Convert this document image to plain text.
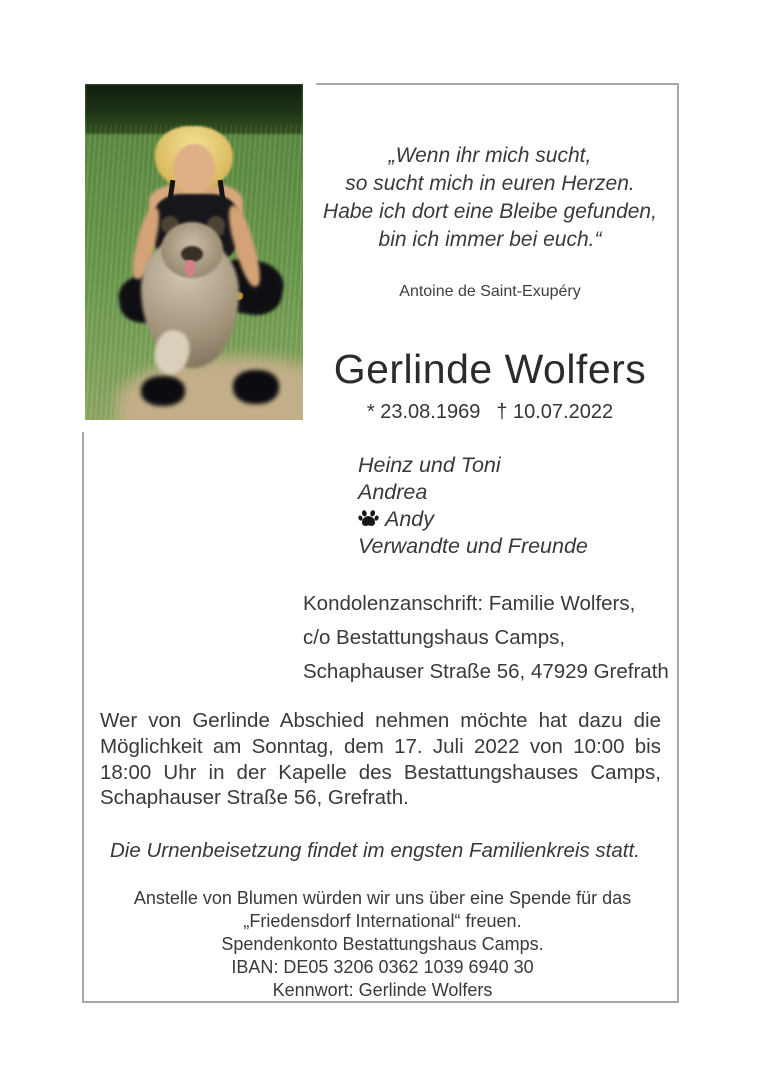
„Wenn ihr mich sucht,
so sucht mich in euren Herzen.
Habe ich dort eine Bleibe gefunden,
bin ich immer bei euch.“
Antoine de Saint-Exupéry
Gerlinde Wolfers
* 23.08.1969 † 10.07.2022
Heinz und Toni
Andrea
Andy
Verwandte und Freunde
Kondolenzanschrift: Familie Wolfers,
c/o Bestattungshaus Camps,
Schaphauser Straße 56, 47929 Grefrath
Wer von Gerlinde Abschied nehmen möchte hat dazu die Möglichkeit am Sonntag, dem 17. Juli 2022 von 10:00 bis 18:00 Uhr in der Kapelle des Bestattungshauses Camps, Schaphauser Straße 56, Grefrath.
Die Urnenbeisetzung findet im engsten Familienkreis statt.
Anstelle von Blumen würden wir uns über eine Spende für das
„Friedensdorf International“ freuen.
Spendenkonto Bestattungshaus Camps.
IBAN: DE05 3206 0362 1039 6940 30
Kennwort: Gerlinde Wolfers
